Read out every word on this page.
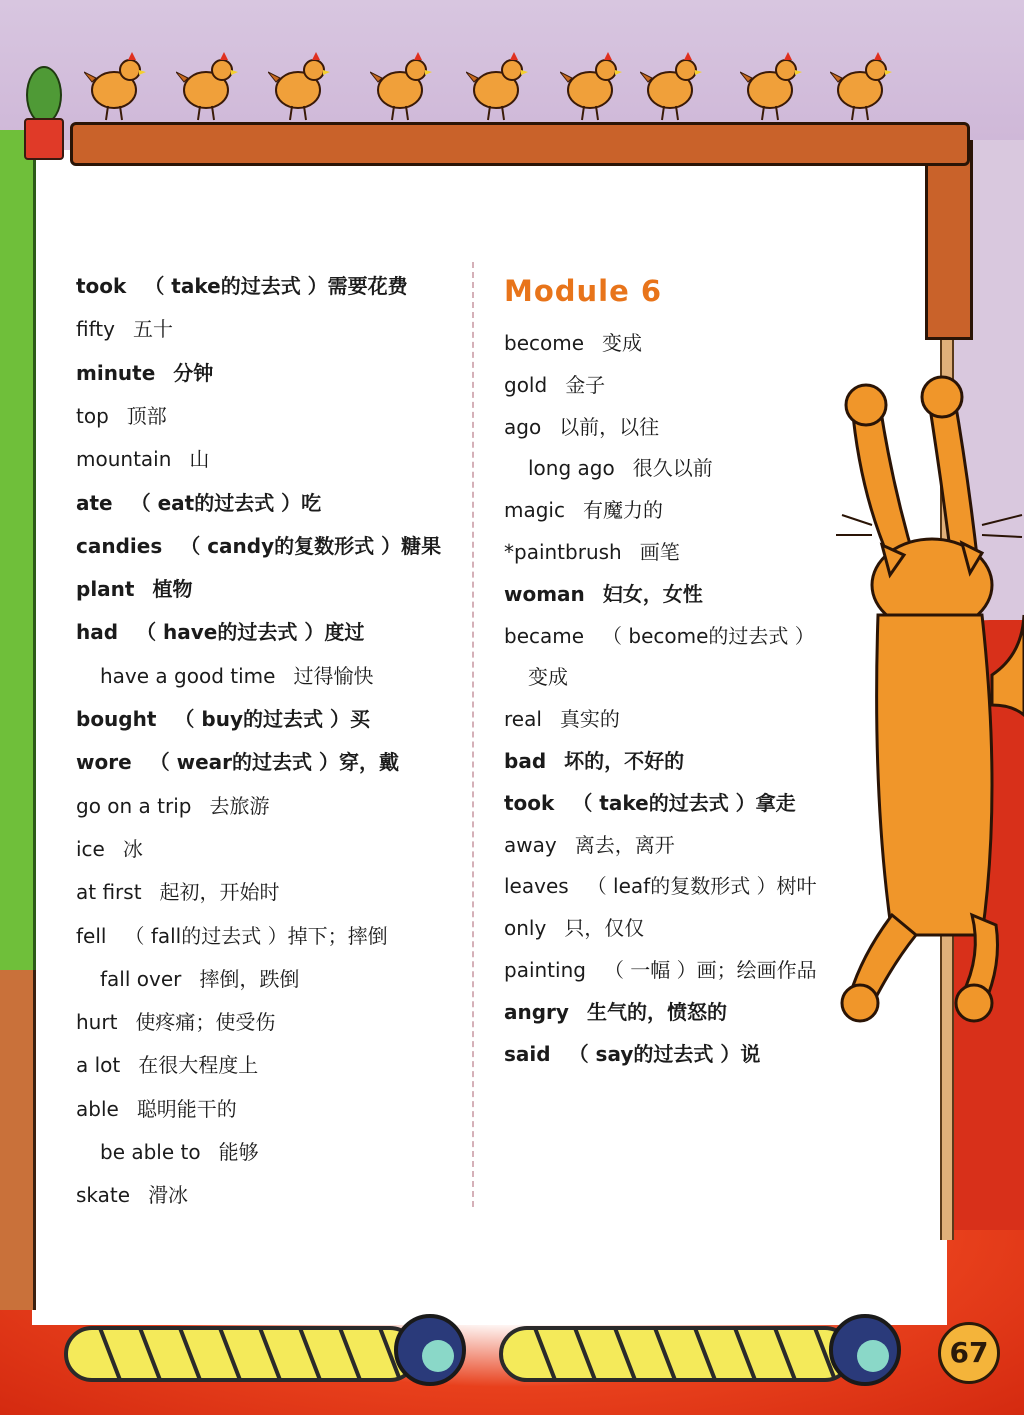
took （ take的过去式 ）需要花费
fifty 五十
minute 分钟
top 顶部
mountain 山
ate （ eat的过去式 ）吃
candies （ candy的复数形式 ）糖果
plant 植物
had （ have的过去式 ）度过
have a good time 过得愉快
bought （ buy的过去式 ）买
wore （ wear的过去式 ）穿，戴
go on a trip 去旅游
ice 冰
at first 起初，开始时
fell （ fall的过去式 ）掉下；摔倒
fall over 摔倒，跌倒
hurt 使疼痛；使受伤
a lot 在很大程度上
able 聪明能干的
be able to 能够
skate 滑冰
Module 6
become 变成
gold 金子
ago 以前，以往
long ago 很久以前
magic 有魔力的
*paintbrush 画笔
woman 妇女，女性
became （ become的过去式 ）
变成
real 真实的
bad 坏的，不好的
took （ take的过去式 ）拿走
away 离去，离开
leaves （ leaf的复数形式 ）树叶
only 只，仅仅
painting （ 一幅 ）画；绘画作品
angry 生气的，愤怒的
said （ say的过去式 ）说
67
